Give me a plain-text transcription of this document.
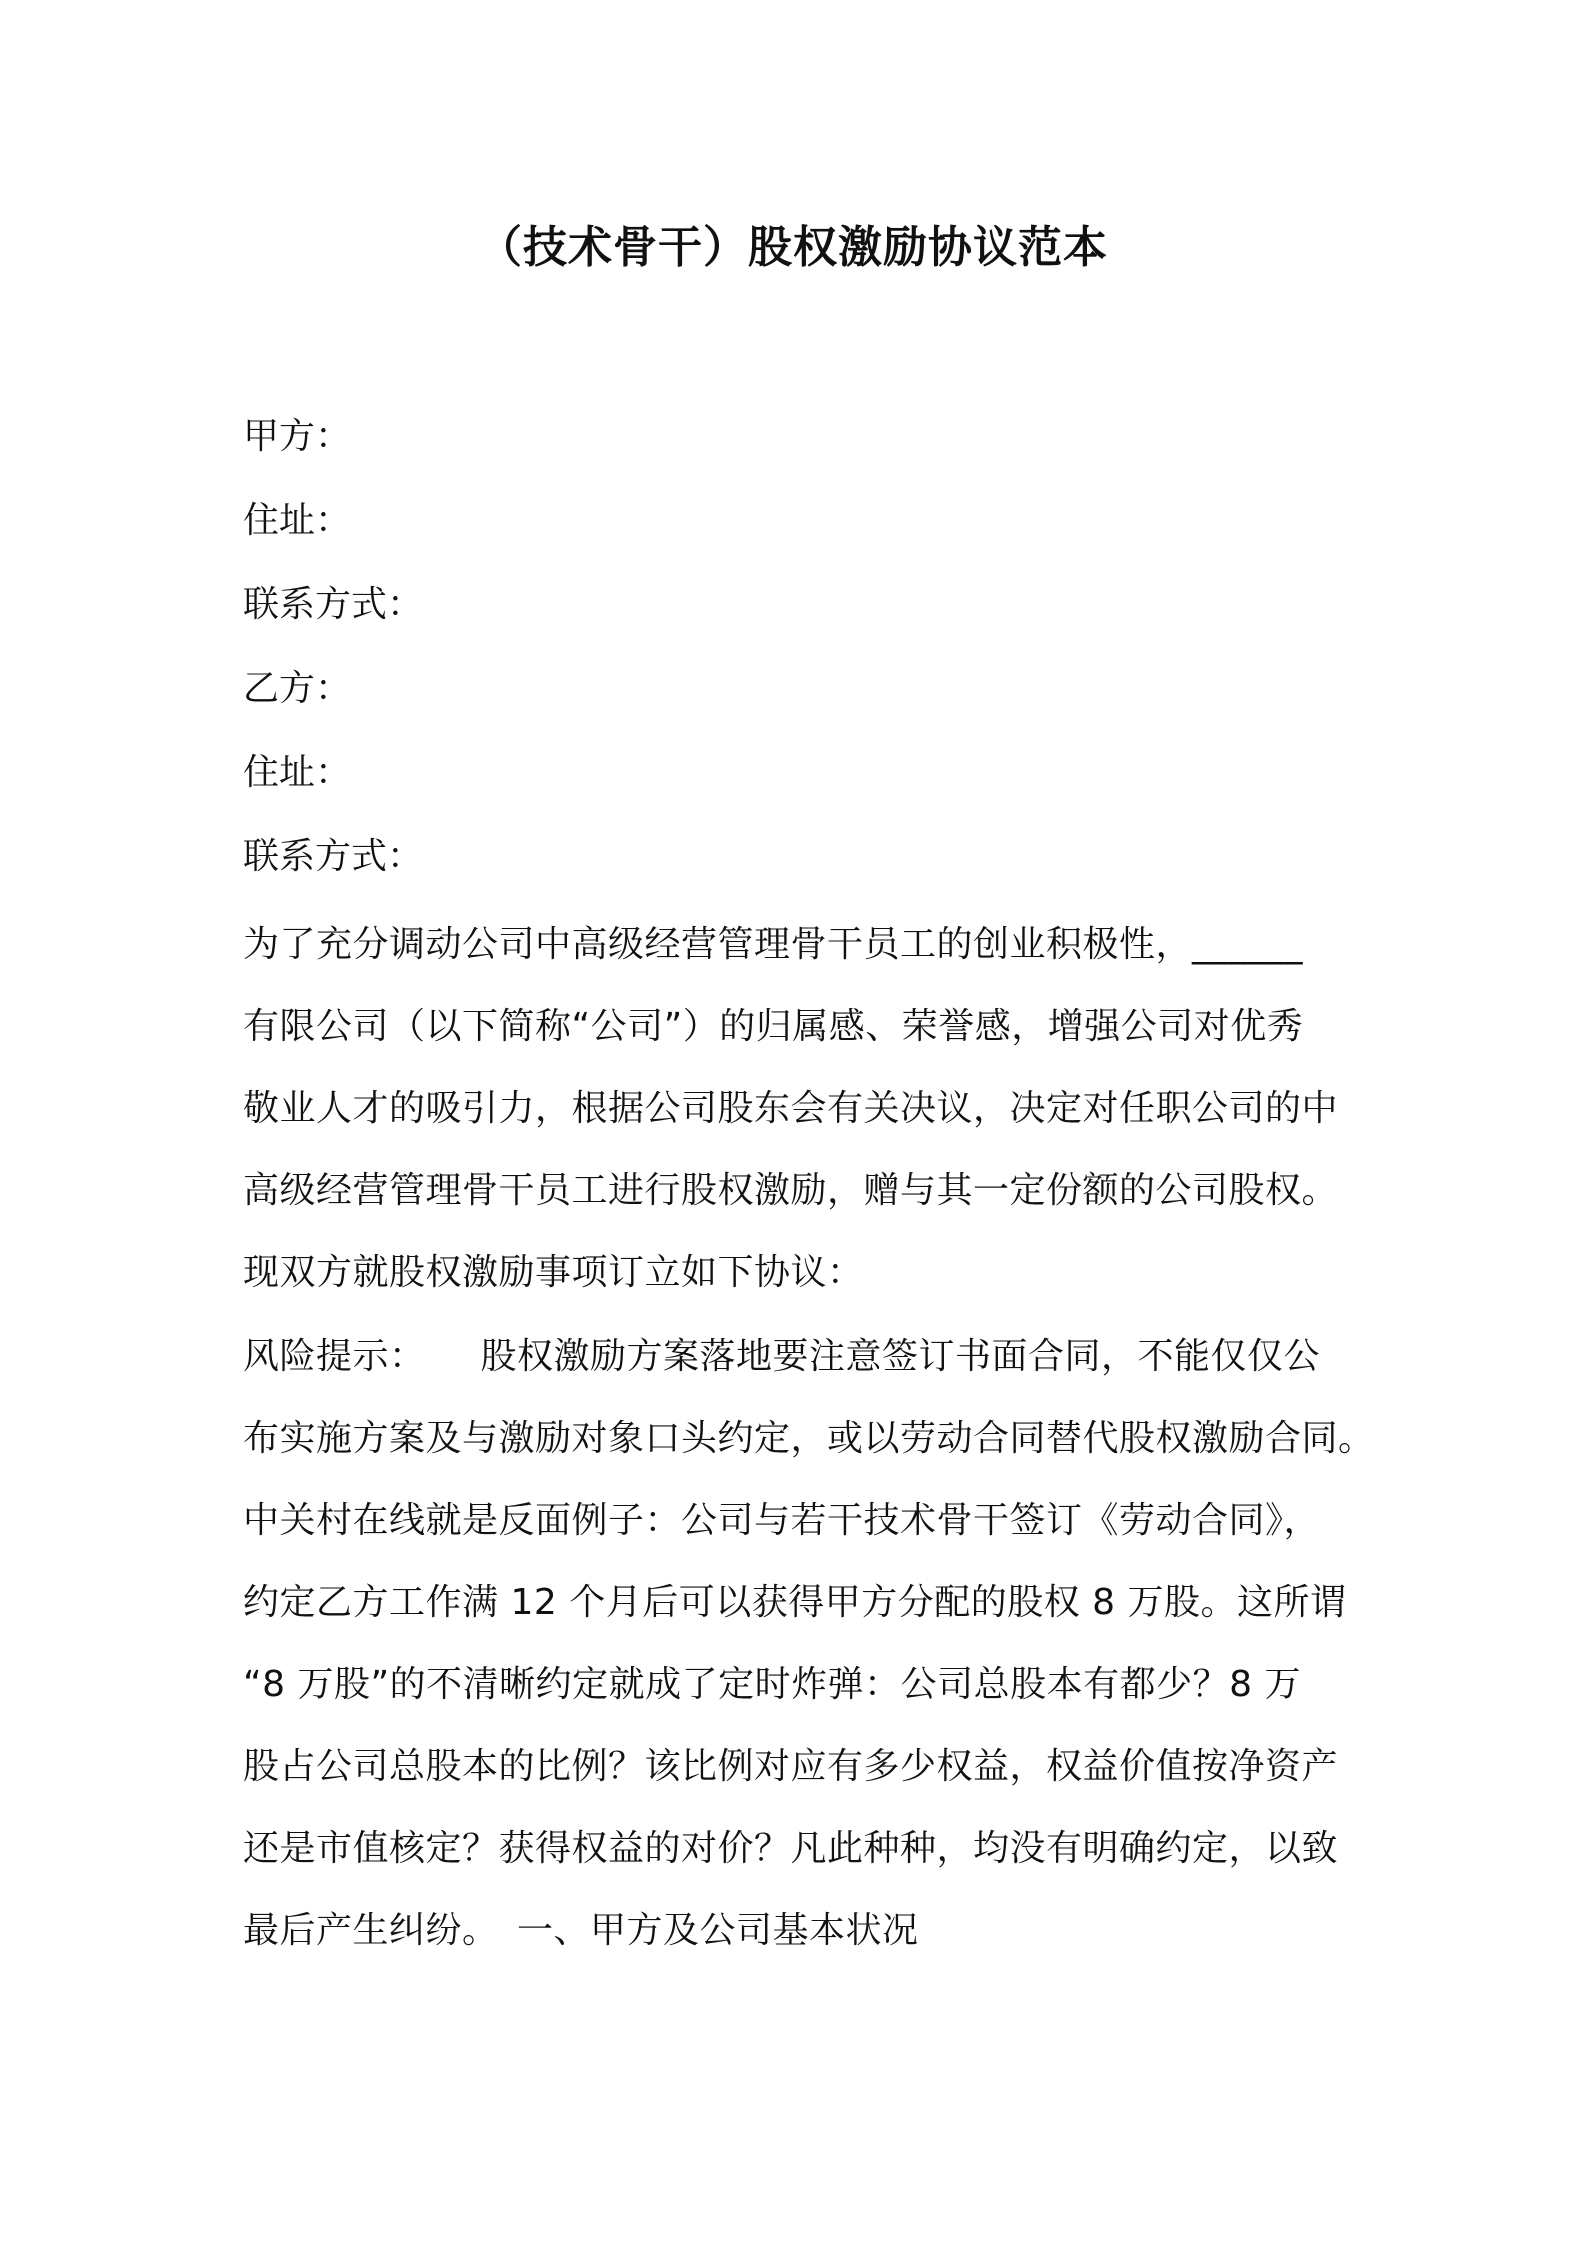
（技术骨干）股权激励协议范本
甲方：
住址：
联系方式：
乙方：
住址：
联系方式：
为了充分调动公司中高级经营管理骨干员工的创业积极性，______
有限公司（以下简称“公司”）的归属感、荣誉感，增强公司对优秀
敬业人才的吸引力，根据公司股东会有关决议，决定对任职公司的中
高级经营管理骨干员工进行股权激励，赠与其一定份额的公司股权。
现双方就股权激励事项订立如下协议：
风险提示：　　股权激励方案落地要注意签订书面合同，不能仅仅公
布实施方案及与激励对象口头约定，或以劳动合同替代股权激励合同。
中关村在线就是反面例子：公司与若干技术骨干签订《劳动合同》，
约定乙方工作满 12 个月后可以获得甲方分配的股权 8 万股。这所谓
“8 万股”的不清晰约定就成了定时炸弹：公司总股本有都少？8 万
股占公司总股本的比例？该比例对应有多少权益，权益价值按净资产
还是市值核定？获得权益的对价？凡此种种，均没有明确约定，以致
最后产生纠纷。　一、甲方及公司基本状况
